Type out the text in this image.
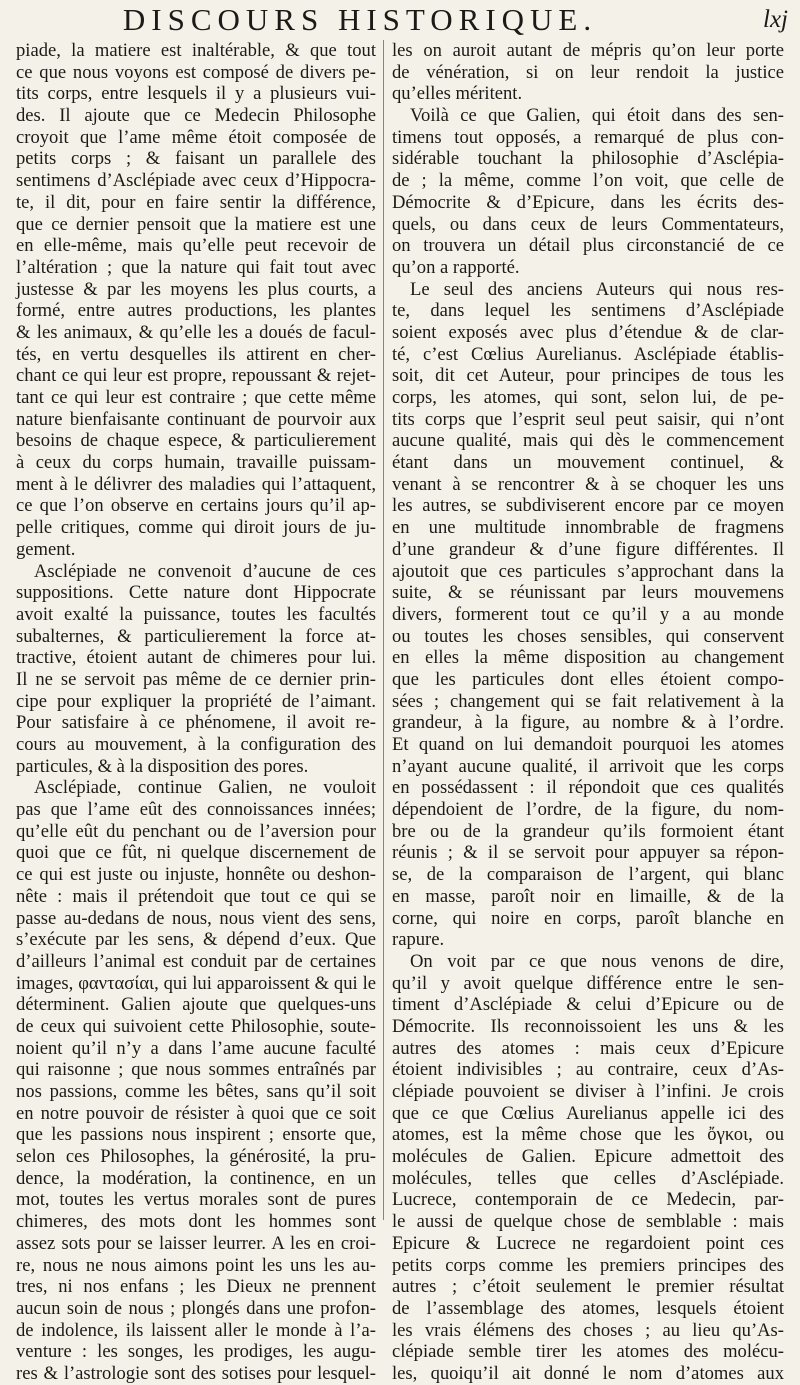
DISCOURS HISTORIQUE.	lxj
piade, la matiere est inaltérable, & que tout
ce que nous voyons est composé de divers pe-
tits corps, entre lesquels il y a plusieurs vui-
des. Il ajoute que ce Medecin Philosophe
croyoit que l’ame même étoit composée de
petits corps ; & faisant un parallele des
sentimens d’Asclépiade avec ceux d’Hippocra-
te, il dit, pour en faire sentir la différence,
que ce dernier pensoit que la matiere est une
en elle-même, mais qu’elle peut recevoir de
l’altération ; que la nature qui fait tout avec
justesse & par les moyens les plus courts, a
formé, entre autres productions, les plantes
& les animaux, & qu’elle les a doués de facul-
tés, en vertu desquelles ils attirent en cher-
chant ce qui leur est propre, repoussant & rejet-
tant ce qui leur est contraire ; que cette même
nature bienfaisante continuant de pourvoir aux
besoins de chaque espece, & particulierement
à ceux du corps humain, travaille puissam-
ment à le délivrer des maladies qui l’attaquent,
ce que l’on observe en certains jours qu’il ap-
pelle critiques, comme qui diroit jours de ju-
gement.
Asclépiade ne convenoit d’aucune de ces
suppositions. Cette nature dont Hippocrate
avoit exalté la puissance, toutes les facultés
subalternes, & particulierement la force at-
tractive, étoient autant de chimeres pour lui.
Il ne se servoit pas même de ce dernier prin-
cipe pour expliquer la propriété de l’aimant.
Pour satisfaire à ce phénomene, il avoit re-
cours au mouvement, à la configuration des
particules, & à la disposition des pores.
Asclépiade, continue Galien, ne vouloit
pas que l’ame eût des connoissances innées;
qu’elle eût du penchant ou de l’aversion pour
quoi que ce fût, ni quelque discernement de
ce qui est juste ou injuste, honnête ou deshon-
nête : mais il prétendoit que tout ce qui se
passe au-dedans de nous, nous vient des sens,
s’exécute par les sens, & dépend d’eux. Que
d’ailleurs l’animal est conduit par de certaines
images, φαντασίαι, qui lui apparoissent & qui le
déterminent. Galien ajoute que quelques-uns
de ceux qui suivoient cette Philosophie, soute-
noient qu’il n’y a dans l’ame aucune faculté
qui raisonne ; que nous sommes entraînés par
nos passions, comme les bêtes, sans qu’il soit
en notre pouvoir de résister à quoi que ce soit
que les passions nous inspirent ; ensorte que,
selon ces Philosophes, la générosité, la pru-
dence, la modération, la continence, en un
mot, toutes les vertus morales sont de pures
chimeres, des mots dont les hommes sont
assez sots pour se laisser leurrer. A les en croi-
re, nous ne nous aimons point les uns les au-
tres, ni nos enfans ; les Dieux ne prennent
aucun soin de nous ; plongés dans une profon-
de indolence, ils laissent aller le monde à l’a-
venture : les songes, les prodiges, les augu-
res & l’astrologie sont des sotises pour lesquel-
les on auroit autant de mépris qu’on leur porte
de vénération, si on leur rendoit la justice
qu’elles méritent.
Voilà ce que Galien, qui étoit dans des sen-
timens tout opposés, a remarqué de plus con-
sidérable touchant la philosophie d’Asclépia-
de ; la même, comme l’on voit, que celle de
Démocrite & d’Epicure, dans les écrits des-
quels, ou dans ceux de leurs Commentateurs,
on trouvera un détail plus circonstancié de ce
qu’on a rapporté.
Le seul des anciens Auteurs qui nous res-
te, dans lequel les sentimens d’Asclépiade
soient exposés avec plus d’étendue & de clar-
té, c’est Cœlius Aurelianus. Asclépiade établis-
soit, dit cet Auteur, pour principes de tous les
corps, les atomes, qui sont, selon lui, de pe-
tits corps que l’esprit seul peut saisir, qui n’ont
aucune qualité, mais qui dès le commencement
étant dans un mouvement continuel, &
venant à se rencontrer & à se choquer les uns
les autres, se subdiviserent encore par ce moyen
en une multitude innombrable de fragmens
d’une grandeur & d’une figure différentes. Il
ajoutoit que ces particules s’approchant dans la
suite, & se réunissant par leurs mouvemens
divers, formerent tout ce qu’il y a au monde
ou toutes les choses sensibles, qui conservent
en elles la même disposition au changement
que les particules dont elles étoient compo-
sées ; changement qui se fait relativement à la
grandeur, à la figure, au nombre & à l’ordre.
Et quand on lui demandoit pourquoi les atomes
n’ayant aucune qualité, il arrivoit que les corps
en possédassent : il répondoit que ces qualités
dépendoient de l’ordre, de la figure, du nom-
bre ou de la grandeur qu’ils formoient étant
réunis ; & il se servoit pour appuyer sa répon-
se, de la comparaison de l’argent, qui blanc
en masse, paroît noir en limaille, & de la
corne, qui noire en corps, paroît blanche en
rapure.
On voit par ce que nous venons de dire,
qu’il y avoit quelque différence entre le sen-
timent d’Asclépiade & celui d’Epicure ou de
Démocrite. Ils reconnoissoient les uns & les
autres des atomes : mais ceux d’Epicure
étoient indivisibles ; au contraire, ceux d’As-
clépiade pouvoient se diviser à l’infini. Je crois
que ce que Cœlius Aurelianus appelle ici des
atomes, est la même chose que les ὄγκοι, ou
molécules de Galien. Epicure admettoit des
molécules, telles que celles d’Asclépiade.
Lucrece, contemporain de ce Medecin, par-
le aussi de quelque chose de semblable : mais
Epicure & Lucrece ne regardoient point ces
petits corps comme les premiers principes des
autres ; c’étoit seulement le premier résultat
de l’assemblage des atomes, lesquels étoient
les vrais élémens des choses ; au lieu qu’As-
clépiade semble tirer les atomes des molécu-
les, quoiqu’il ait donné le nom d’atomes aux
